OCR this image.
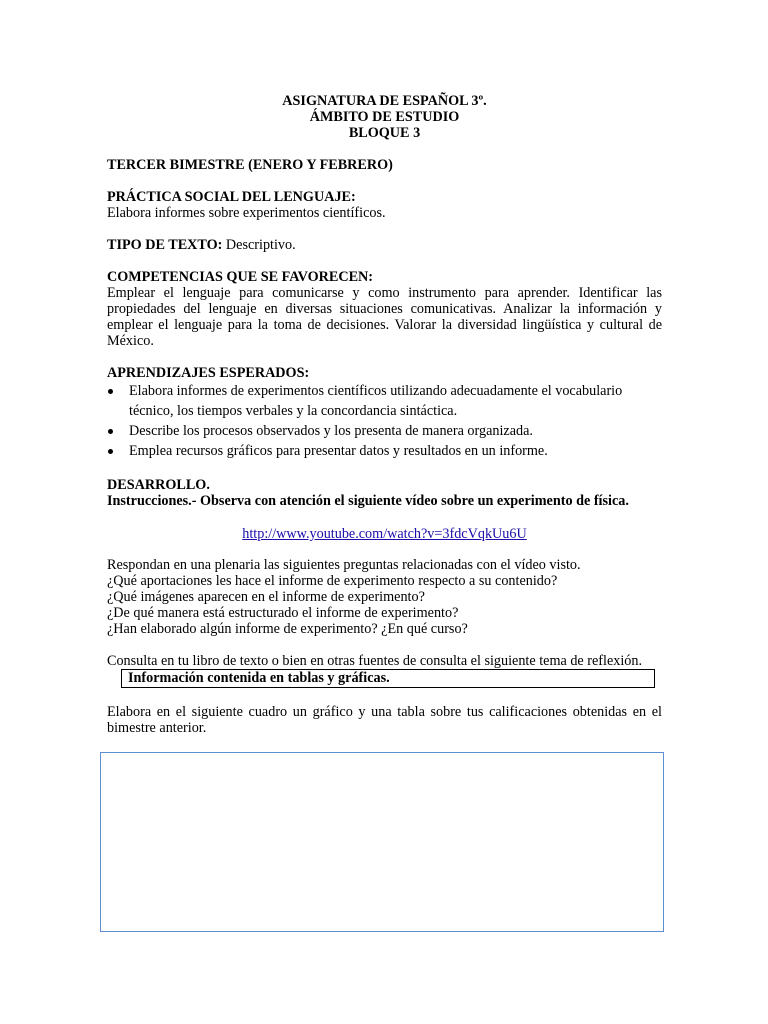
ASIGNATURA DE ESPAÑOL 3º.
ÁMBITO DE ESTUDIO
BLOQUE 3
TERCER BIMESTRE (ENERO Y FEBRERO)
PRÁCTICA SOCIAL DEL LENGUAJE:
Elabora informes sobre experimentos científicos.
TIPO DE TEXTO: Descriptivo.
COMPETENCIAS QUE SE FAVORECEN:
Emplear el lenguaje para comunicarse y como instrumento para aprender. Identificar las propiedades del lenguaje en diversas situaciones comunicativas. Analizar la información y emplear el lenguaje para la toma de decisiones. Valorar la diversidad lingüística y cultural de México.
APRENDIZAJES ESPERADOS:
Elabora informes de experimentos científicos utilizando adecuadamente el vocabulario técnico, los tiempos verbales y la concordancia sintáctica.
Describe los procesos observados y los presenta de manera organizada.
Emplea recursos gráficos para presentar datos y resultados en un informe.
DESARROLLO.
Instrucciones.- Observa con atención el siguiente vídeo sobre un experimento de física.
http://www.youtube.com/watch?v=3fdcVqkUu6U
Respondan en una plenaria las siguientes preguntas relacionadas con el vídeo visto.
¿Qué aportaciones les hace el informe de experimento respecto a su contenido?
¿Qué imágenes aparecen en el informe de experimento?
¿De qué manera está estructurado el informe de experimento?
¿Han elaborado algún informe de experimento? ¿En qué curso?
Consulta en tu libro de texto o bien en otras fuentes de consulta el siguiente tema de reflexión.
Información contenida en tablas y gráficas.
Elabora en el siguiente cuadro un gráfico y una tabla sobre tus calificaciones obtenidas en el bimestre anterior.
